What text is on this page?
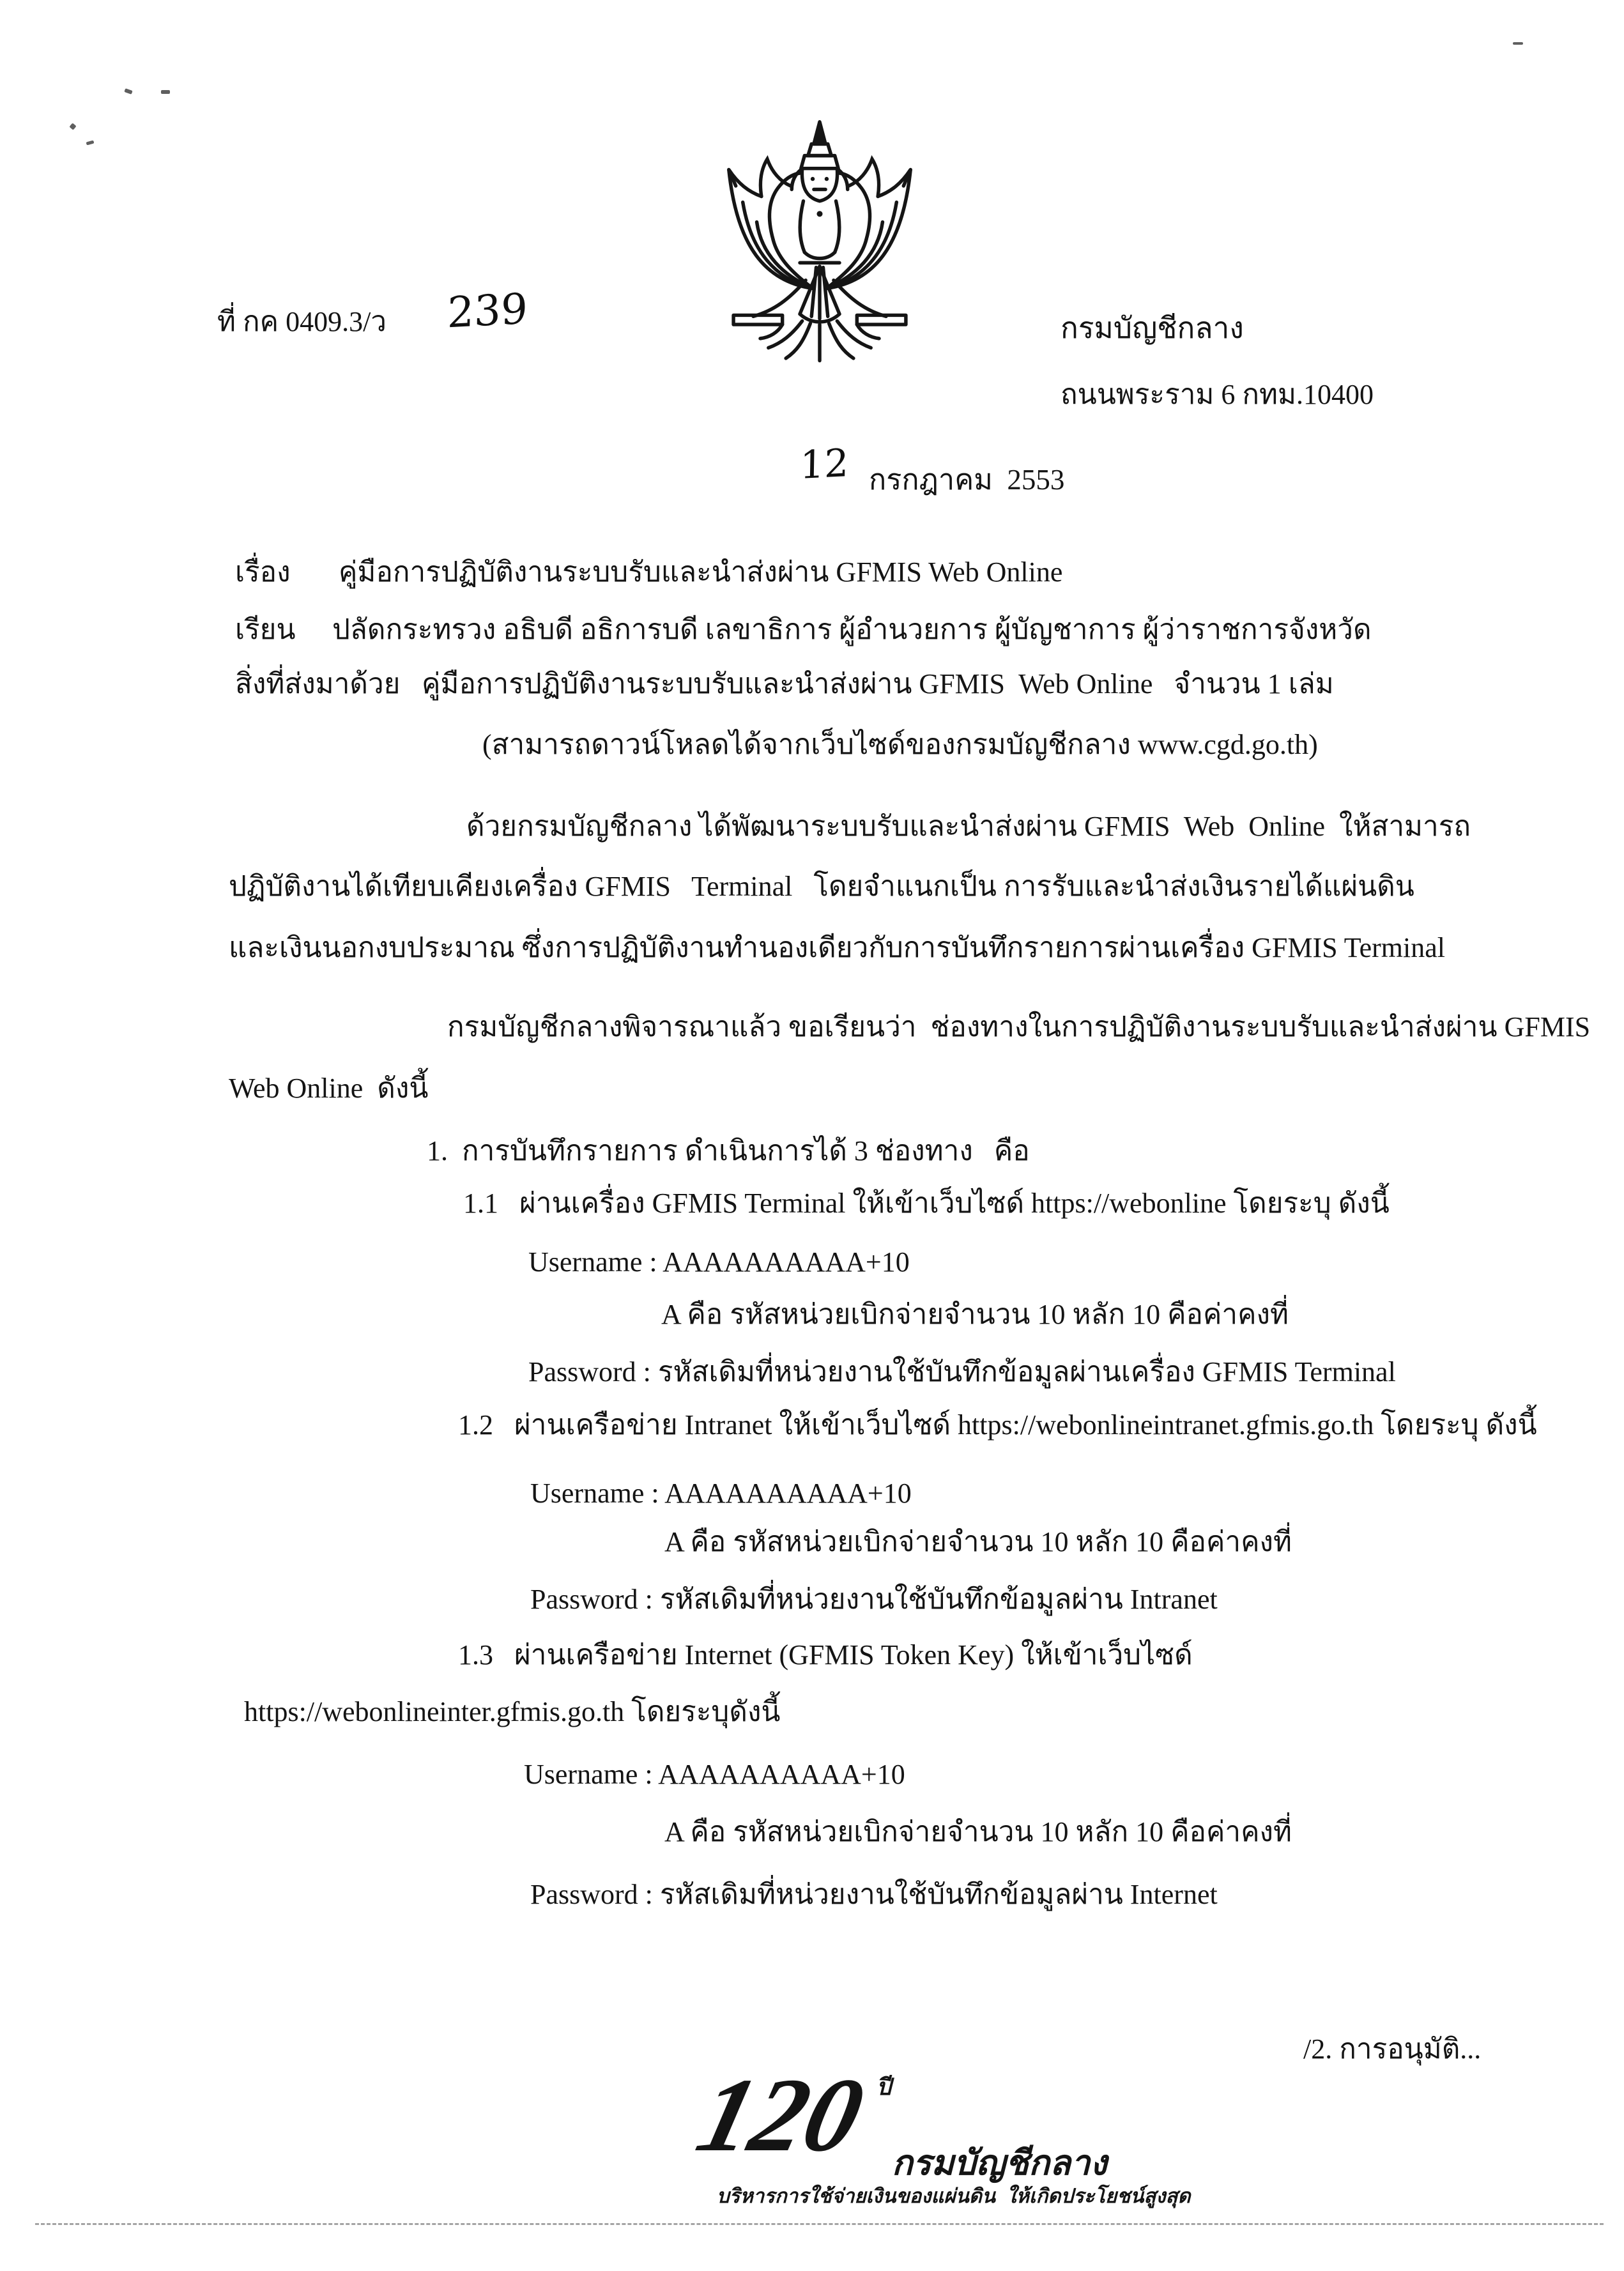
ที่ กค 0409.3/ว 239	กรมบัญชีกลาง
ถนนพระราม 6 กทม.10400
12 กรกฎาคม  2553
เรื่อง คู่มือการปฏิบัติงานระบบรับและนำส่งผ่าน GFMIS Web Online
เรียน ปลัดกระทรวง อธิบดี อธิการบดี เลขาธิการ ผู้อำนวยการ ผู้บัญชาการ ผู้ว่าราชการจังหวัด
สิ่งที่ส่งมาด้วย คู่มือการปฏิบัติงานระบบรับและนำส่งผ่าน GFMIS  Web Online   จำนวน 1 เล่ม
(สามารถดาวน์โหลดได้จากเว็บไซด์ของกรมบัญชีกลาง www.cgd.go.th)
ด้วยกรมบัญชีกลาง ได้พัฒนาระบบรับและนำส่งผ่าน GFMIS  Web  Online  ให้สามารถ
ปฏิบัติงานได้เทียบเคียงเครื่อง GFMIS   Terminal   โดยจำแนกเป็น การรับและนำส่งเงินรายได้แผ่นดิน
และเงินนอกงบประมาณ ซึ่งการปฏิบัติงานทำนองเดียวกับการบันทึกรายการผ่านเครื่อง GFMIS Terminal
กรมบัญชีกลางพิจารณาแล้ว ขอเรียนว่า  ช่องทางในการปฏิบัติงานระบบรับและนำส่งผ่าน GFMIS
Web Online  ดังนี้
1.  การบันทึกรายการ ดำเนินการได้ 3 ช่องทาง   คือ
1.1   ผ่านเครื่อง GFMIS Terminal ให้เข้าเว็บไซด์ https://webonline โดยระบุ ดังนี้
Username : AAAAAAAAAA+10
A คือ รหัสหน่วยเบิกจ่ายจำนวน 10 หลัก 10 คือค่าคงที่
Password : รหัสเดิมที่หน่วยงานใช้บันทึกข้อมูลผ่านเครื่อง GFMIS Terminal
1.2   ผ่านเครือข่าย Intranet ให้เข้าเว็บไซด์ https://webonlineintranet.gfmis.go.th โดยระบุ ดังนี้
Username : AAAAAAAAAA+10
A คือ รหัสหน่วยเบิกจ่ายจำนวน 10 หลัก 10 คือค่าคงที่
Password : รหัสเดิมที่หน่วยงานใช้บันทึกข้อมูลผ่าน Intranet
1.3   ผ่านเครือข่าย Internet (GFMIS Token Key) ให้เข้าเว็บไซด์
https://webonlineinter.gfmis.go.th โดยระบุดังนี้
Username : AAAAAAAAAA+10
A คือ รหัสหน่วยเบิกจ่ายจำนวน 10 หลัก 10 คือค่าคงที่
Password : รหัสเดิมที่หน่วยงานใช้บันทึกข้อมูลผ่าน Internet
/2. การอนุมัติ...
120 ปี
กรมบัญชีกลาง
บริหารการใช้จ่ายเงินของแผ่นดิน  ให้เกิดประโยชน์สูงสุด
